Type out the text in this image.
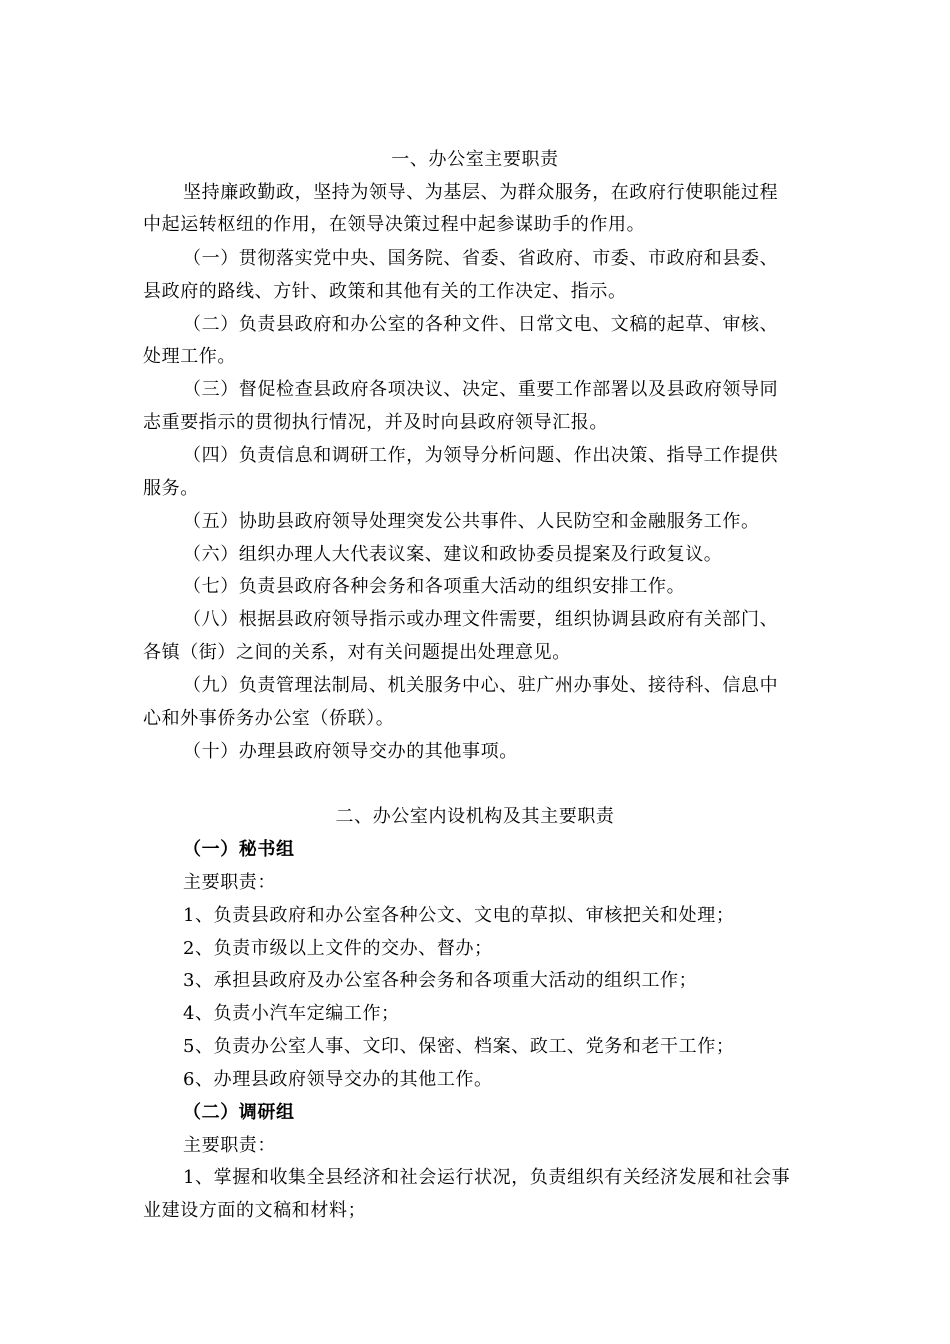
一、办公室主要职责
坚持廉政勤政，坚持为领导、为基层、为群众服务，在政府行使职能过程
中起运转枢纽的作用，在领导决策过程中起参谋助手的作用。
（一）贯彻落实党中央、国务院、省委、省政府、市委、市政府和县委、
县政府的路线、方针、政策和其他有关的工作决定、指示。
（二）负责县政府和办公室的各种文件、日常文电、文稿的起草、审核、
处理工作。
（三）督促检查县政府各项决议、决定、重要工作部署以及县政府领导同
志重要指示的贯彻执行情况，并及时向县政府领导汇报。
（四）负责信息和调研工作，为领导分析问题、作出决策、指导工作提供
服务。
（五）协助县政府领导处理突发公共事件、人民防空和金融服务工作。
（六）组织办理人大代表议案、建议和政协委员提案及行政复议。
（七）负责县政府各种会务和各项重大活动的组织安排工作。
（八）根据县政府领导指示或办理文件需要，组织协调县政府有关部门、
各镇（街）之间的关系，对有关问题提出处理意见。
（九）负责管理法制局、机关服务中心、驻广州办事处、接待科、信息中
心和外事侨务办公室（侨联）。
（十）办理县政府领导交办的其他事项。
二、办公室内设机构及其主要职责
（一）秘书组
主要职责：
1、负责县政府和办公室各种公文、文电的草拟、审核把关和处理；
2、负责市级以上文件的交办、督办；
3、承担县政府及办公室各种会务和各项重大活动的组织工作；
4、负责小汽车定编工作；
5、负责办公室人事、文印、保密、档案、政工、党务和老干工作；
6、办理县政府领导交办的其他工作。
（二）调研组
主要职责：
1、掌握和收集全县经济和社会运行状况，负责组织有关经济发展和社会事
业建设方面的文稿和材料；
